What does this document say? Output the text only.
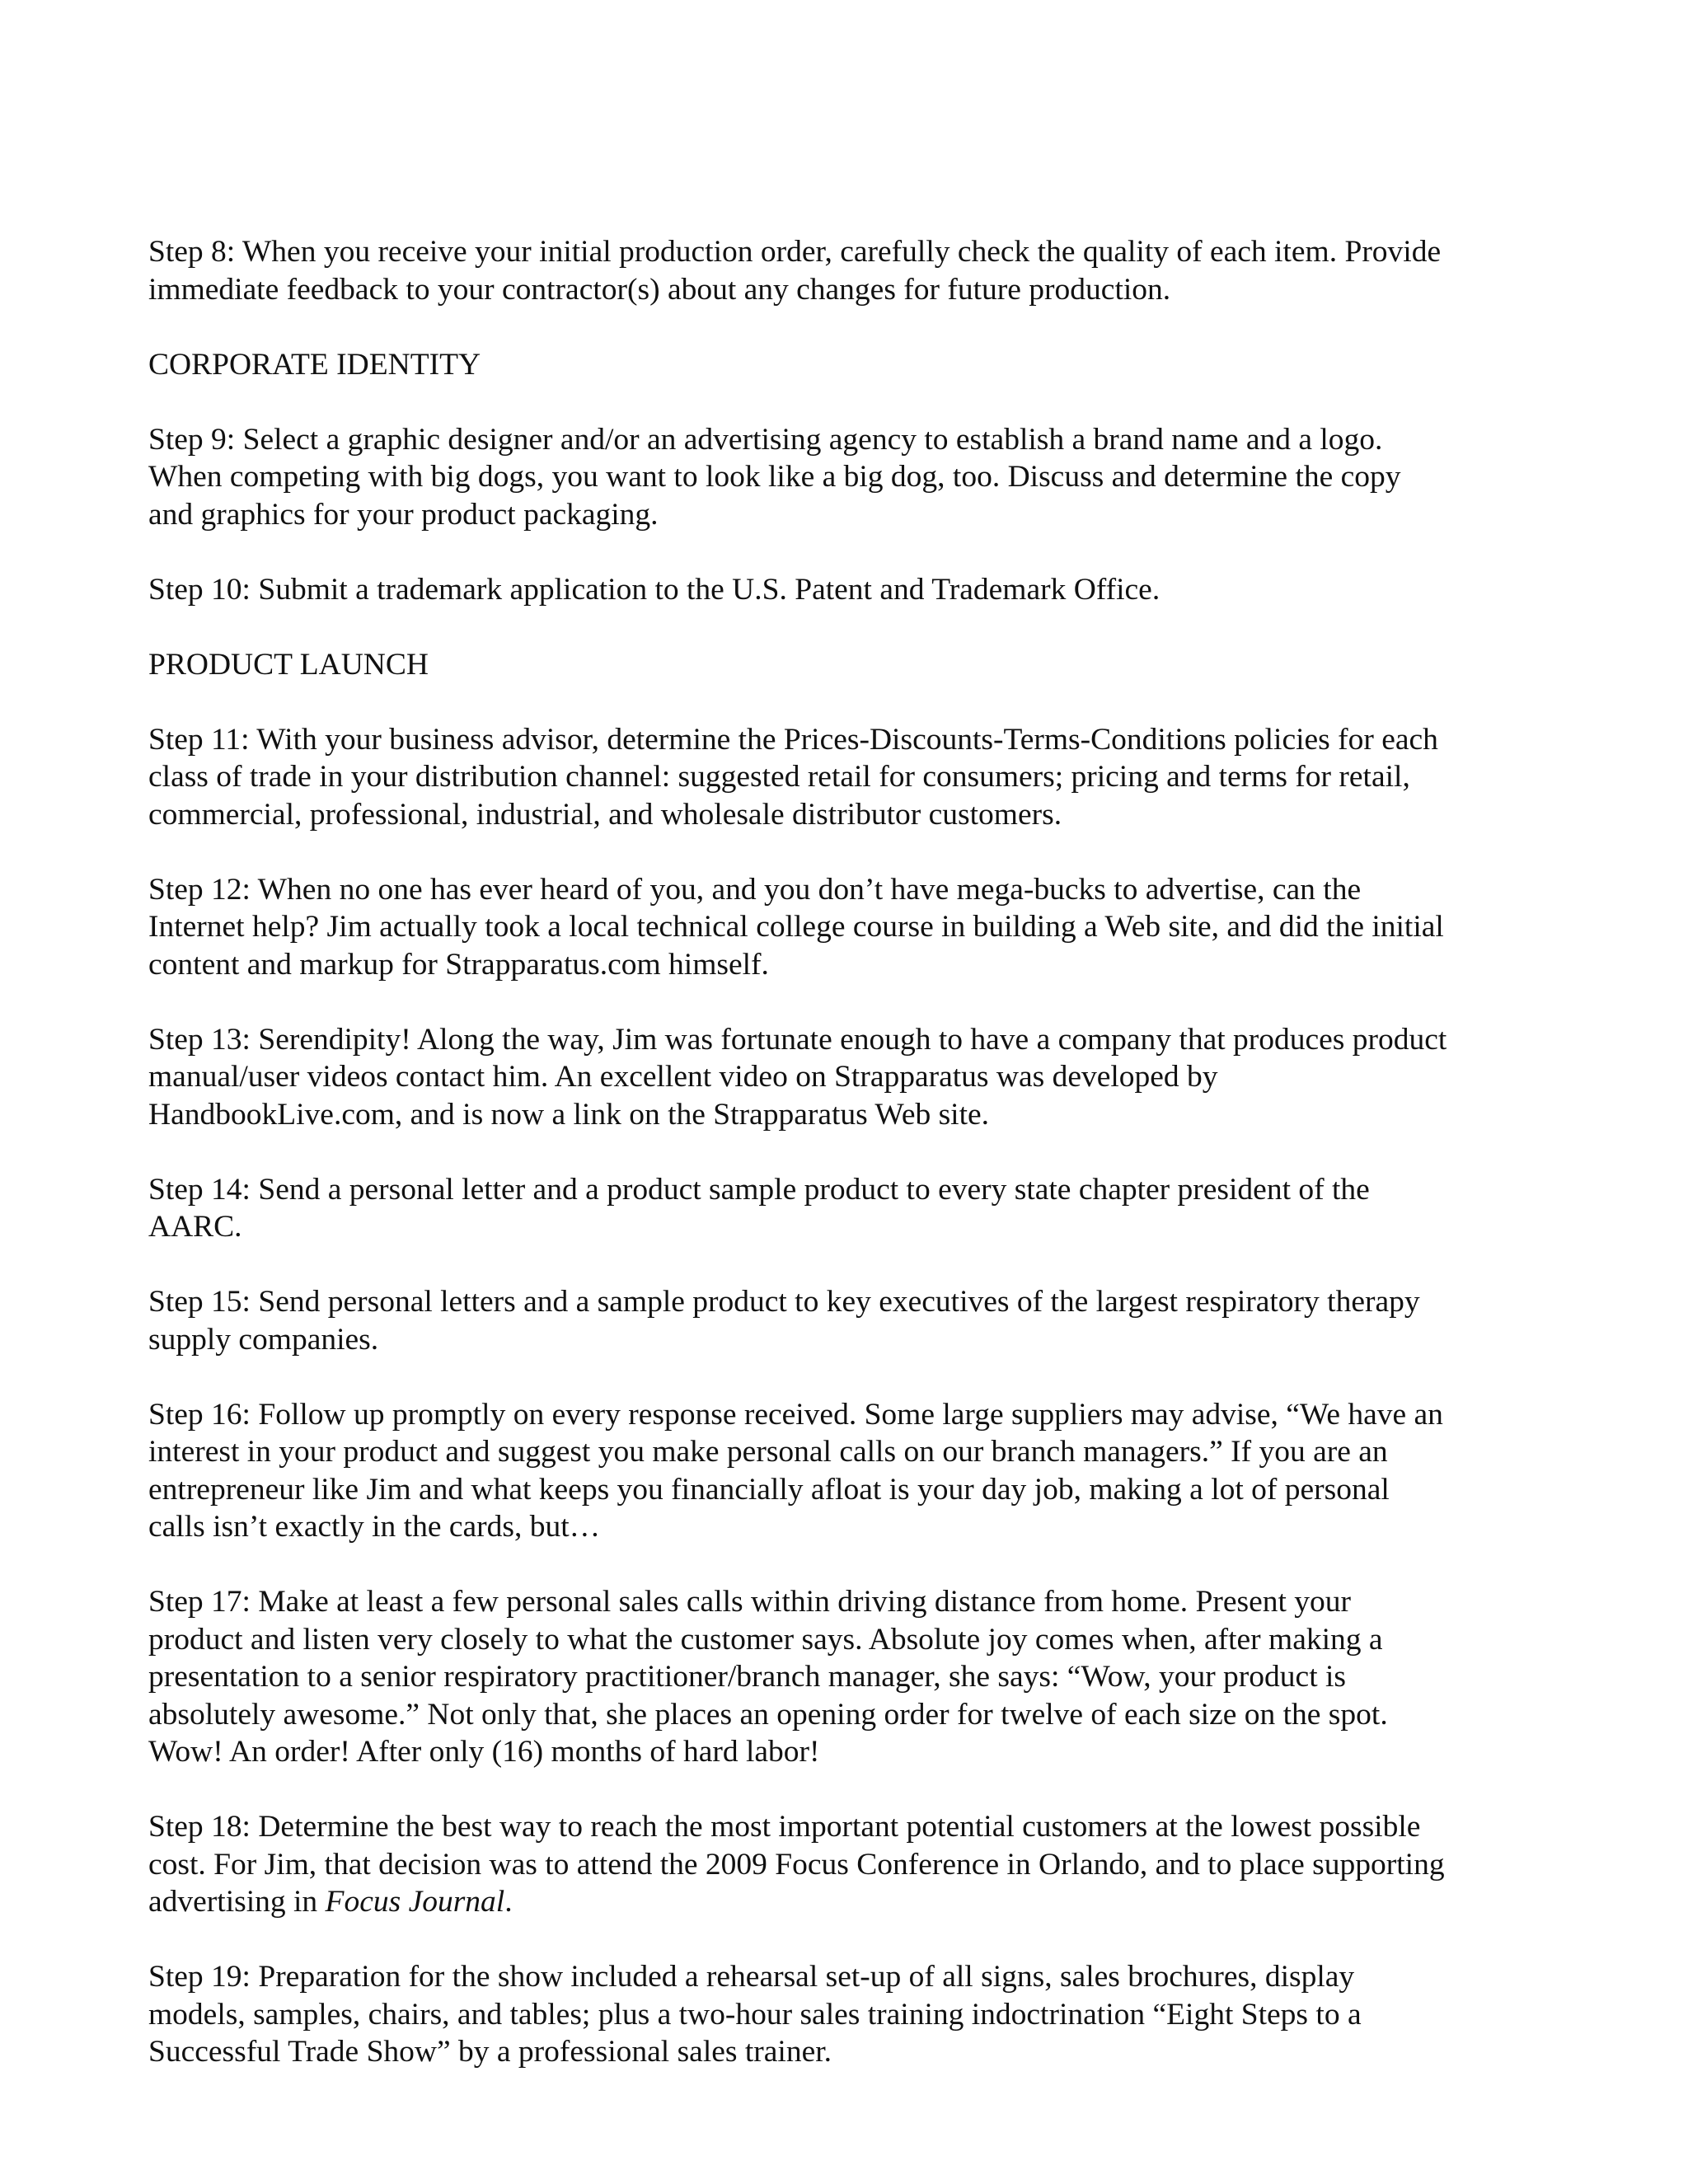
Step 8: When you receive your initial production order, carefully check the quality of each item. Provide
immediate feedback to your contractor(s) about any changes for future production.

CORPORATE IDENTITY

Step 9: Select a graphic designer and/or an advertising agency to establish a brand name and a logo.
When competing with big dogs, you want to look like a big dog, too. Discuss and determine the copy
and graphics for your product packaging.

Step 10: Submit a trademark application to the U.S. Patent and Trademark Office.

PRODUCT LAUNCH

Step 11: With your business advisor, determine the Prices-Discounts-Terms-Conditions policies for each
class of trade in your distribution channel: suggested retail for consumers; pricing and terms for retail,
commercial, professional, industrial, and wholesale distributor customers.

Step 12: When no one has ever heard of you, and you don’t have mega-bucks to advertise, can the
Internet help? Jim actually took a local technical college course in building a Web site, and did the initial
content and markup for Strapparatus.com himself.

Step 13: Serendipity! Along the way, Jim was fortunate enough to have a company that produces product
manual/user videos contact him. An excellent video on Strapparatus was developed by
HandbookLive.com, and is now a link on the Strapparatus Web site.

Step 14: Send a personal letter and a product sample product to every state chapter president of the
AARC.

Step 15: Send personal letters and a sample product to key executives of the largest respiratory therapy
supply companies.

Step 16: Follow up promptly on every response received. Some large suppliers may advise, “We have an
interest in your product and suggest you make personal calls on our branch managers.” If you are an
entrepreneur like Jim and what keeps you financially afloat is your day job, making a lot of personal
calls isn’t exactly in the cards, but…

Step 17: Make at least a few personal sales calls within driving distance from home. Present your
product and listen very closely to what the customer says. Absolute joy comes when, after making a
presentation to a senior respiratory practitioner/branch manager, she says: “Wow, your product is
absolutely awesome.” Not only that, she places an opening order for twelve of each size on the spot.
Wow! An order! After only (16) months of hard labor!

Step 18: Determine the best way to reach the most important potential customers at the lowest possible
cost. For Jim, that decision was to attend the 2009 Focus Conference in Orlando, and to place supporting
advertising in Focus Journal.

Step 19: Preparation for the show included a rehearsal set-up of all signs, sales brochures, display
models, samples, chairs, and tables; plus a two-hour sales training indoctrination “Eight Steps to a
Successful Trade Show” by a professional sales trainer.
